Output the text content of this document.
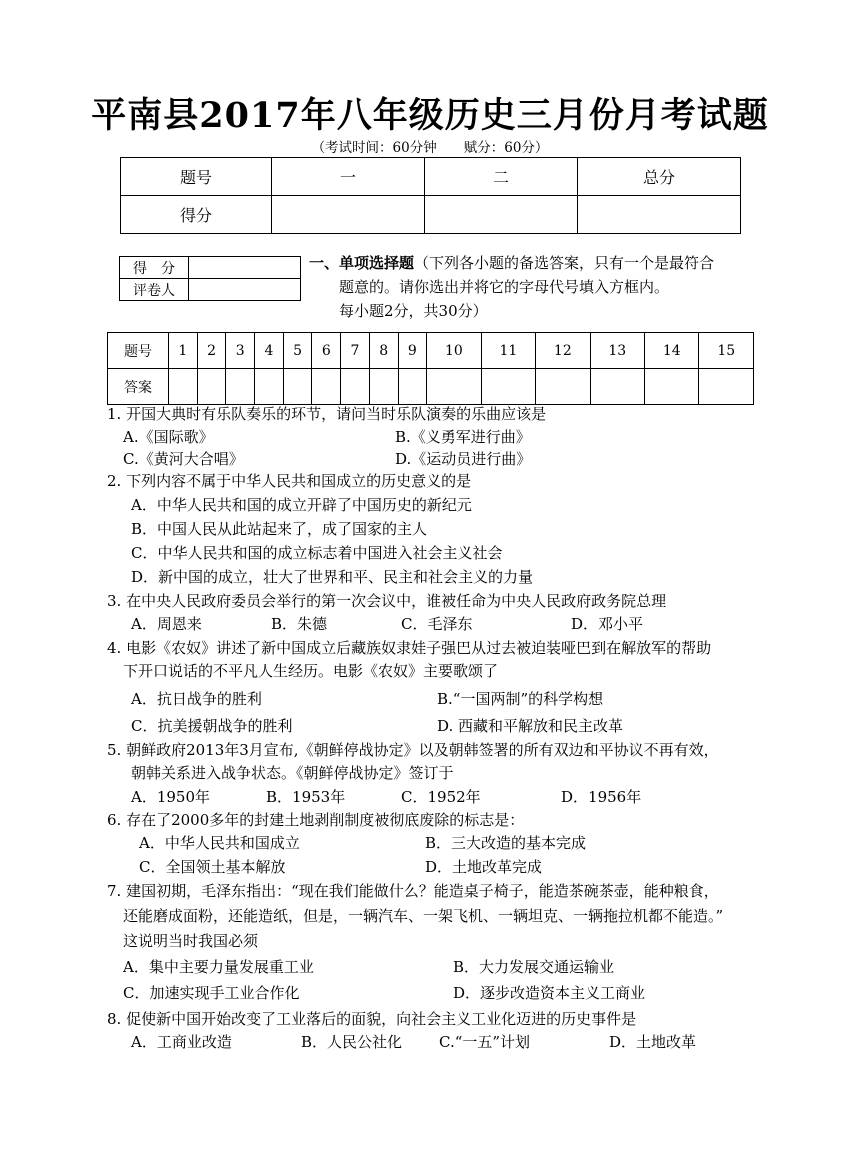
平南县2017年八年级历史三月份月考试题
（考试时间：60分钟　　赋分：60分）
题号	一	二	总分
得分			
得　分	
评卷人	
一、单项选择题（下列各小题的备选答案，只有一个是最符合
题意的。请你选出并将它的字母代号填入方框内。
每小题2分，共30分）
题号	1	2	3	4	5	6	7	8	9	10	11	12	13	14	15
答案															
1. 开国大典时有乐队奏乐的环节，请问当时乐队演奏的乐曲应该是
A.《国际歌》	B.《义勇军进行曲》
C.《黄河大合唱》	D.《运动员进行曲》
2. 下列内容不属于中华人民共和国成立的历史意义的是
A．中华人民共和国的成立开辟了中国历史的新纪元
B．中国人民从此站起来了，成了国家的主人
C．中华人民共和国的成立标志着中国进入社会主义社会
D．新中国的成立，壮大了世界和平、民主和社会主义的力量
3. 在中央人民政府委员会举行的第一次会议中，谁被任命为中央人民政府政务院总理
A．周恩来	B．朱德	C．毛泽东	D．邓小平
4. 电影《农奴》讲述了新中国成立后藏族奴隶娃子强巴从过去被迫装哑巴到在解放军的帮助
下开口说话的不平凡人生经历。电影《农奴》主要歌颂了
A．抗日战争的胜利	B.“一国两制”的科学构想
C．抗美援朝战争的胜利	D. 西藏和平解放和民主改革
5. 朝鲜政府2013年3月宣布,《朝鲜停战协定》以及朝韩签署的所有双边和平协议不再有效，
朝韩关系进入战争状态。《朝鲜停战协定》签订于
A．1950年	B．1953年	C．1952年	D．1956年
6. 存在了2000多年的封建土地剥削制度被彻底废除的标志是：
A．中华人民共和国成立	B．三大改造的基本完成
C．全国领土基本解放	D．土地改革完成
7. 建国初期，毛泽东指出：“现在我们能做什么？能造桌子椅子，能造茶碗茶壶，能种粮食，
还能磨成面粉，还能造纸，但是，一辆汽车、一架飞机、一辆坦克、一辆拖拉机都不能造。”
这说明当时我国必须
A．集中主要力量发展重工业	B．大力发展交通运输业
C．加速实现手工业合作化	D．逐步改造资本主义工商业
8. 促使新中国开始改变了工业落后的面貌，向社会主义工业化迈进的历史事件是
A．工商业改造	B．人民公社化 C.“一五”计划	D．土地改革
